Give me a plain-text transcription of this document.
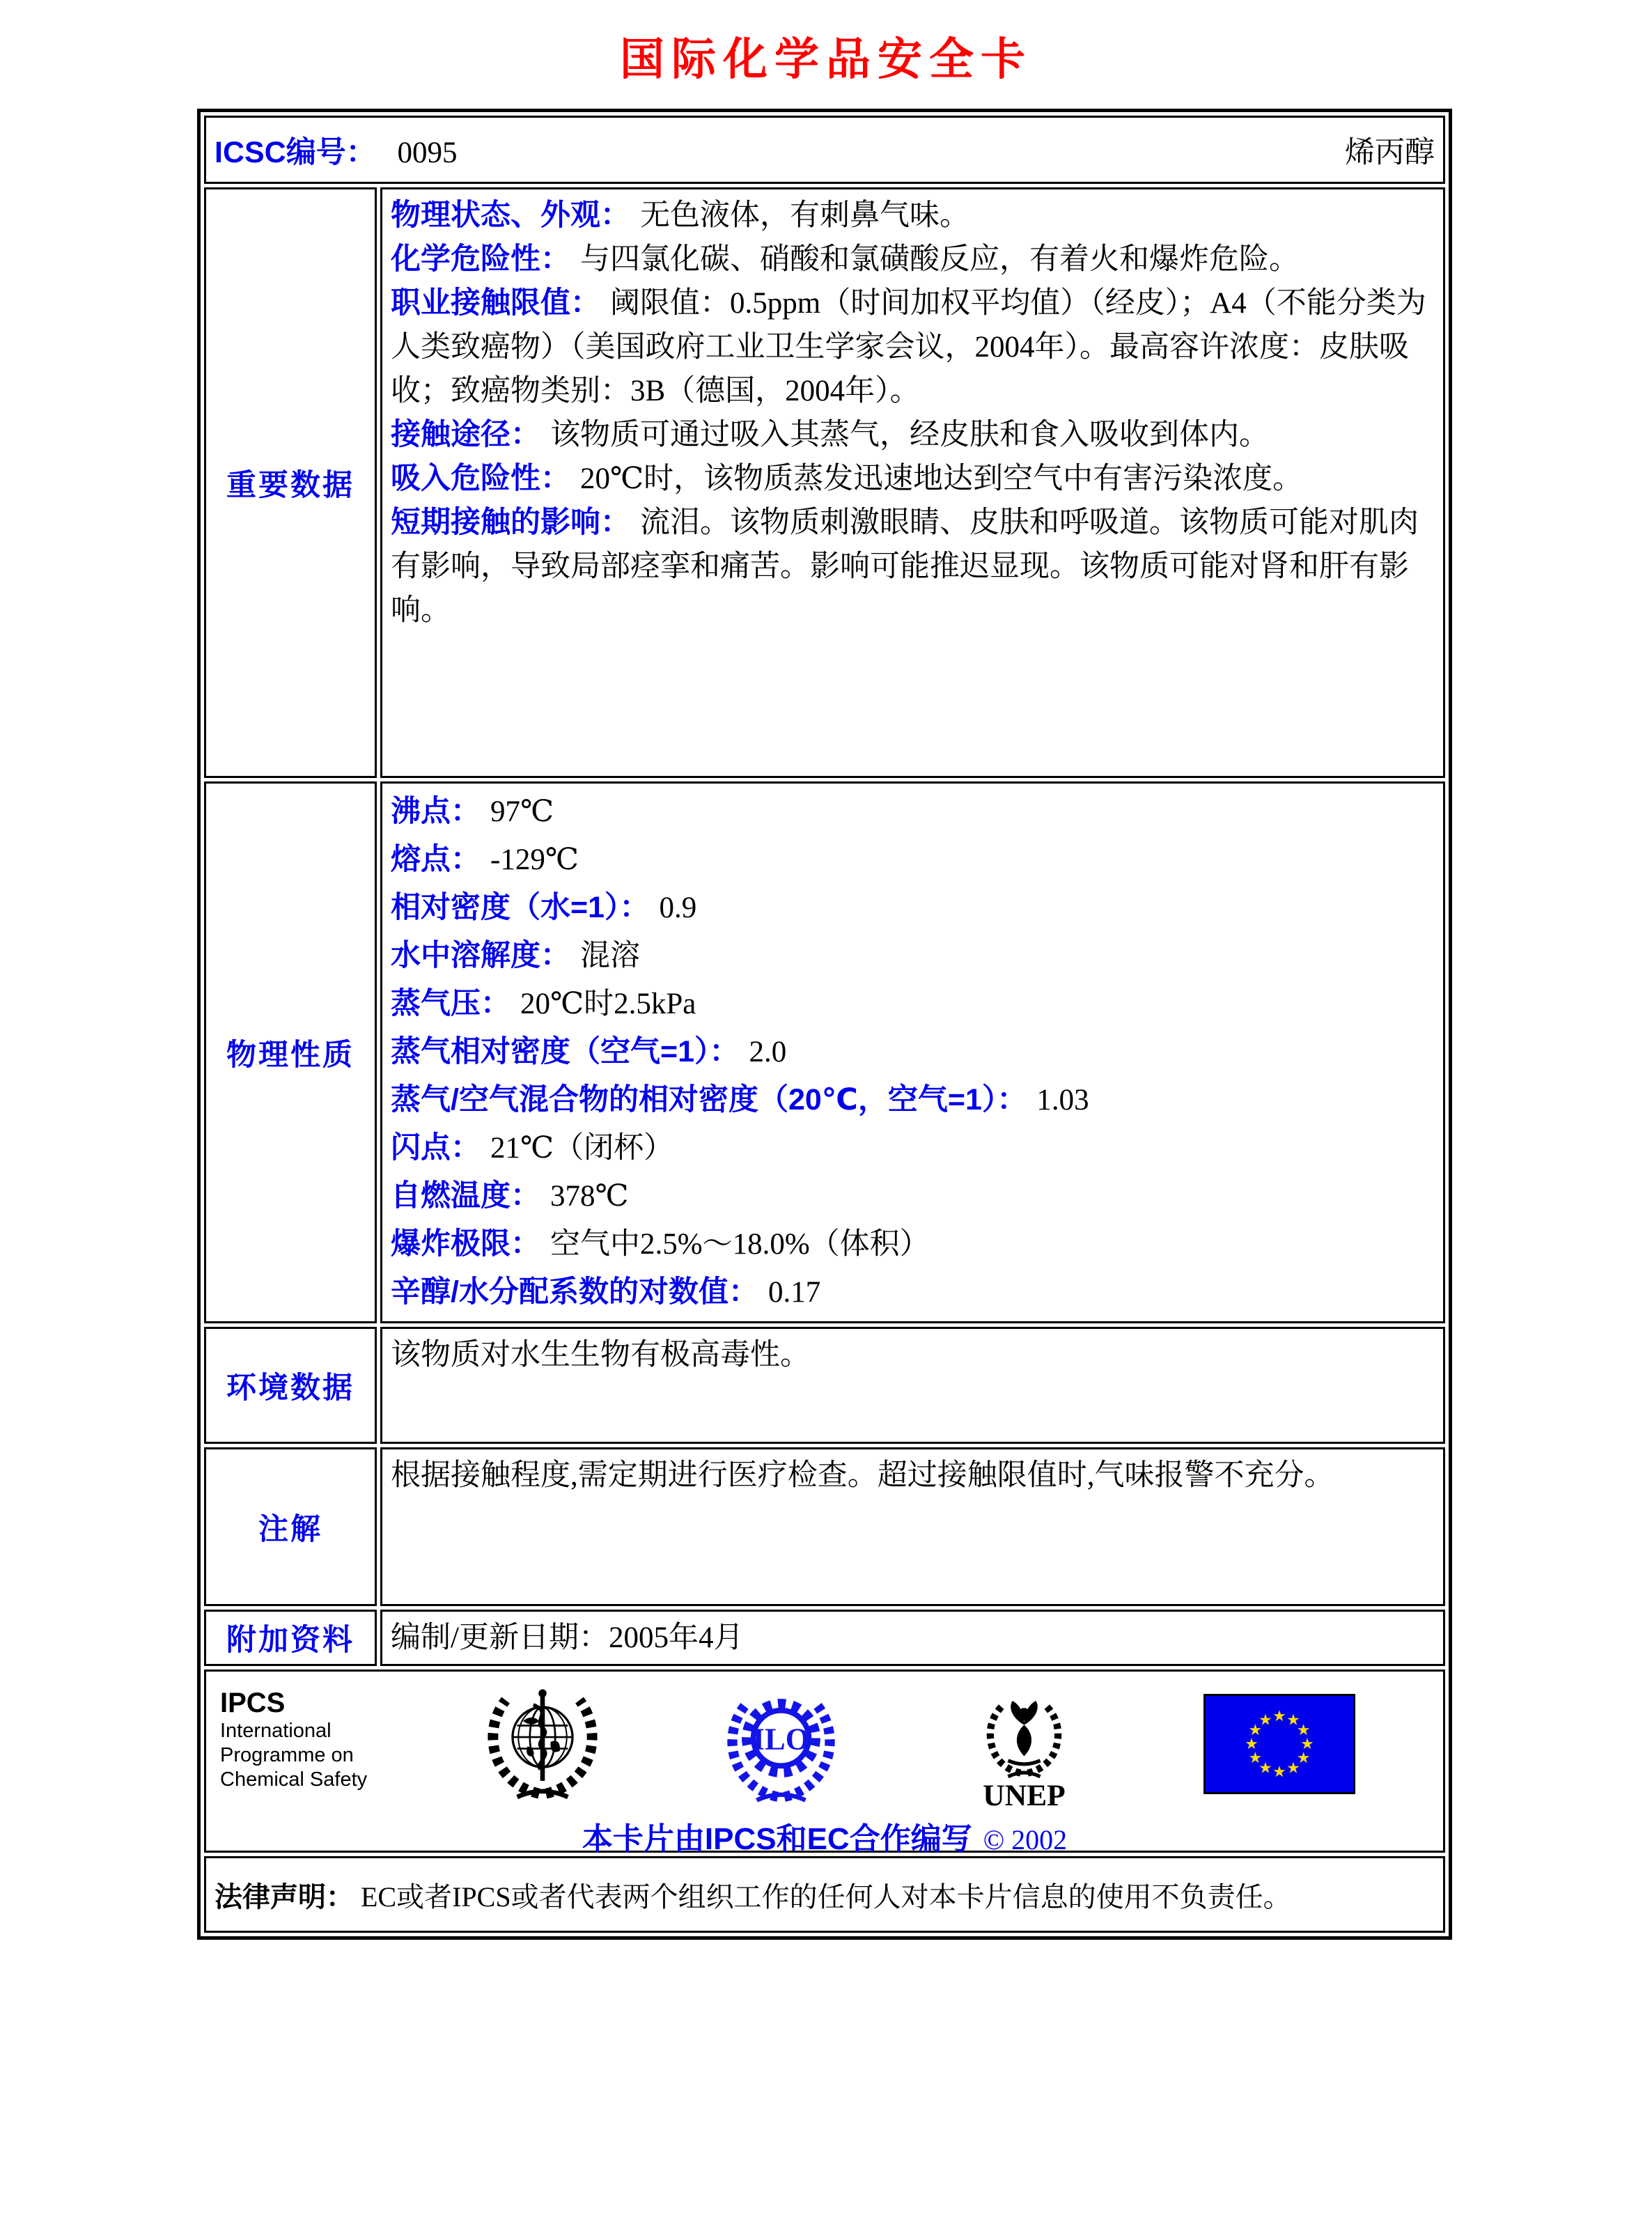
国际化学品安全卡
烯丙醇
ICSC编号： 0095	
重要数据	
物理状态、外观： 无色液体，有刺鼻气味。
化学危险性： 与四氯化碳、硝酸和氯磺酸反应，有着火和爆炸危险。
职业接触限值： 阈限值：0.5ppm（时间加权平均值）（经皮）；A4（不能分类为人类致癌物）（美国政府工业卫生学家会议，2004年）。最高容许浓度：皮肤吸收；致癌物类别：3B（德国，2004年）。
接触途径： 该物质可通过吸入其蒸气，经皮肤和食入吸收到体内。
吸入危险性： 20℃时，该物质蒸发迅速地达到空气中有害污染浓度。
短期接触的影响： 流泪。该物质刺激眼睛、皮肤和呼吸道。该物质可能对肌肉有影响，导致局部痉挛和痛苦。影响可能推迟显现。该物质可能对肾和肝有影响。

物理性质	
沸点： 97℃
熔点： -129℃
相对密度（水=1）： 0.9
水中溶解度： 混溶
蒸气压： 20℃时2.5kPa
蒸气相对密度（空气=1）： 2.0
蒸气/空气混合物的相对密度（20℃，空气=1）： 1.03
闪点： 21℃（闭杯）
自燃温度： 378℃
爆炸极限： 空气中2.5%～18.0%（体积）
辛醇/水分配系数的对数值： 0.17

环境数据	该物质对水生生物有极高毒性。

注解	根据接触程度,需定期进行医疗检查。超过接触限值时,气味报警不充分。

附加资料	编制/更新日期：2005年4月

IPCS
International
Programme on
Chemical Safety
ILO
UNEP
★
★
★
★
★
★
★
★
★ ★ ★
★
本卡片由IPCS和EC合作编写 © 2002

法律声明： EC或者IPCS或者代表两个组织工作的任何人对本卡片信息的使用不负责任。	
